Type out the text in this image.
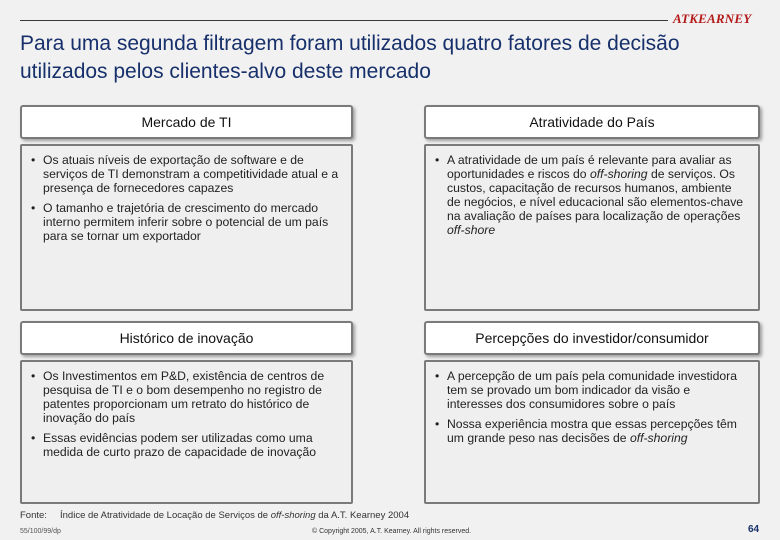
ATKEARNEY
Para uma segunda filtragem foram utilizados quatro fatores de decisão utilizados pelos clientes-alvo deste mercado
Mercado de TI
• Os atuais níveis de exportação de software e de serviços de TI demonstram a competitividade atual e a presença de fornecedores capazes
• O tamanho e trajetória de crescimento do mercado interno permitem inferir sobre o potencial de um país para se tornar um exportador
Atratividade do País
• A atratividade de um país é relevante para avaliar as oportunidades e riscos do off-shoring de serviços. Os custos, capacitação de recursos humanos, ambiente de negócios, e nível educacional são elementos-chave na avaliação de países para localização de operações off-shore
Histórico de inovação
• Os Investimentos em P&D, existência de centros de pesquisa de TI e o bom desempenho no registro de patentes proporcionam um retrato do histórico de inovação do país
• Essas evidências podem ser utilizadas como uma medida de curto prazo de capacidade de inovação
Percepções do investidor/consumidor
• A percepção de um país pela comunidade investidora tem se provado um bom indicador da visão e interesses dos consumidores sobre o país
• Nossa experiência mostra que essas percepções têm um grande peso nas decisões de off-shoring
Fonte: Índice de Atratividade de Locação de Serviços de off-shoring da A.T. Kearney 2004
55/100/99/dp	© Copyright 2005, A.T. Kearney. All rights reserved.	64
